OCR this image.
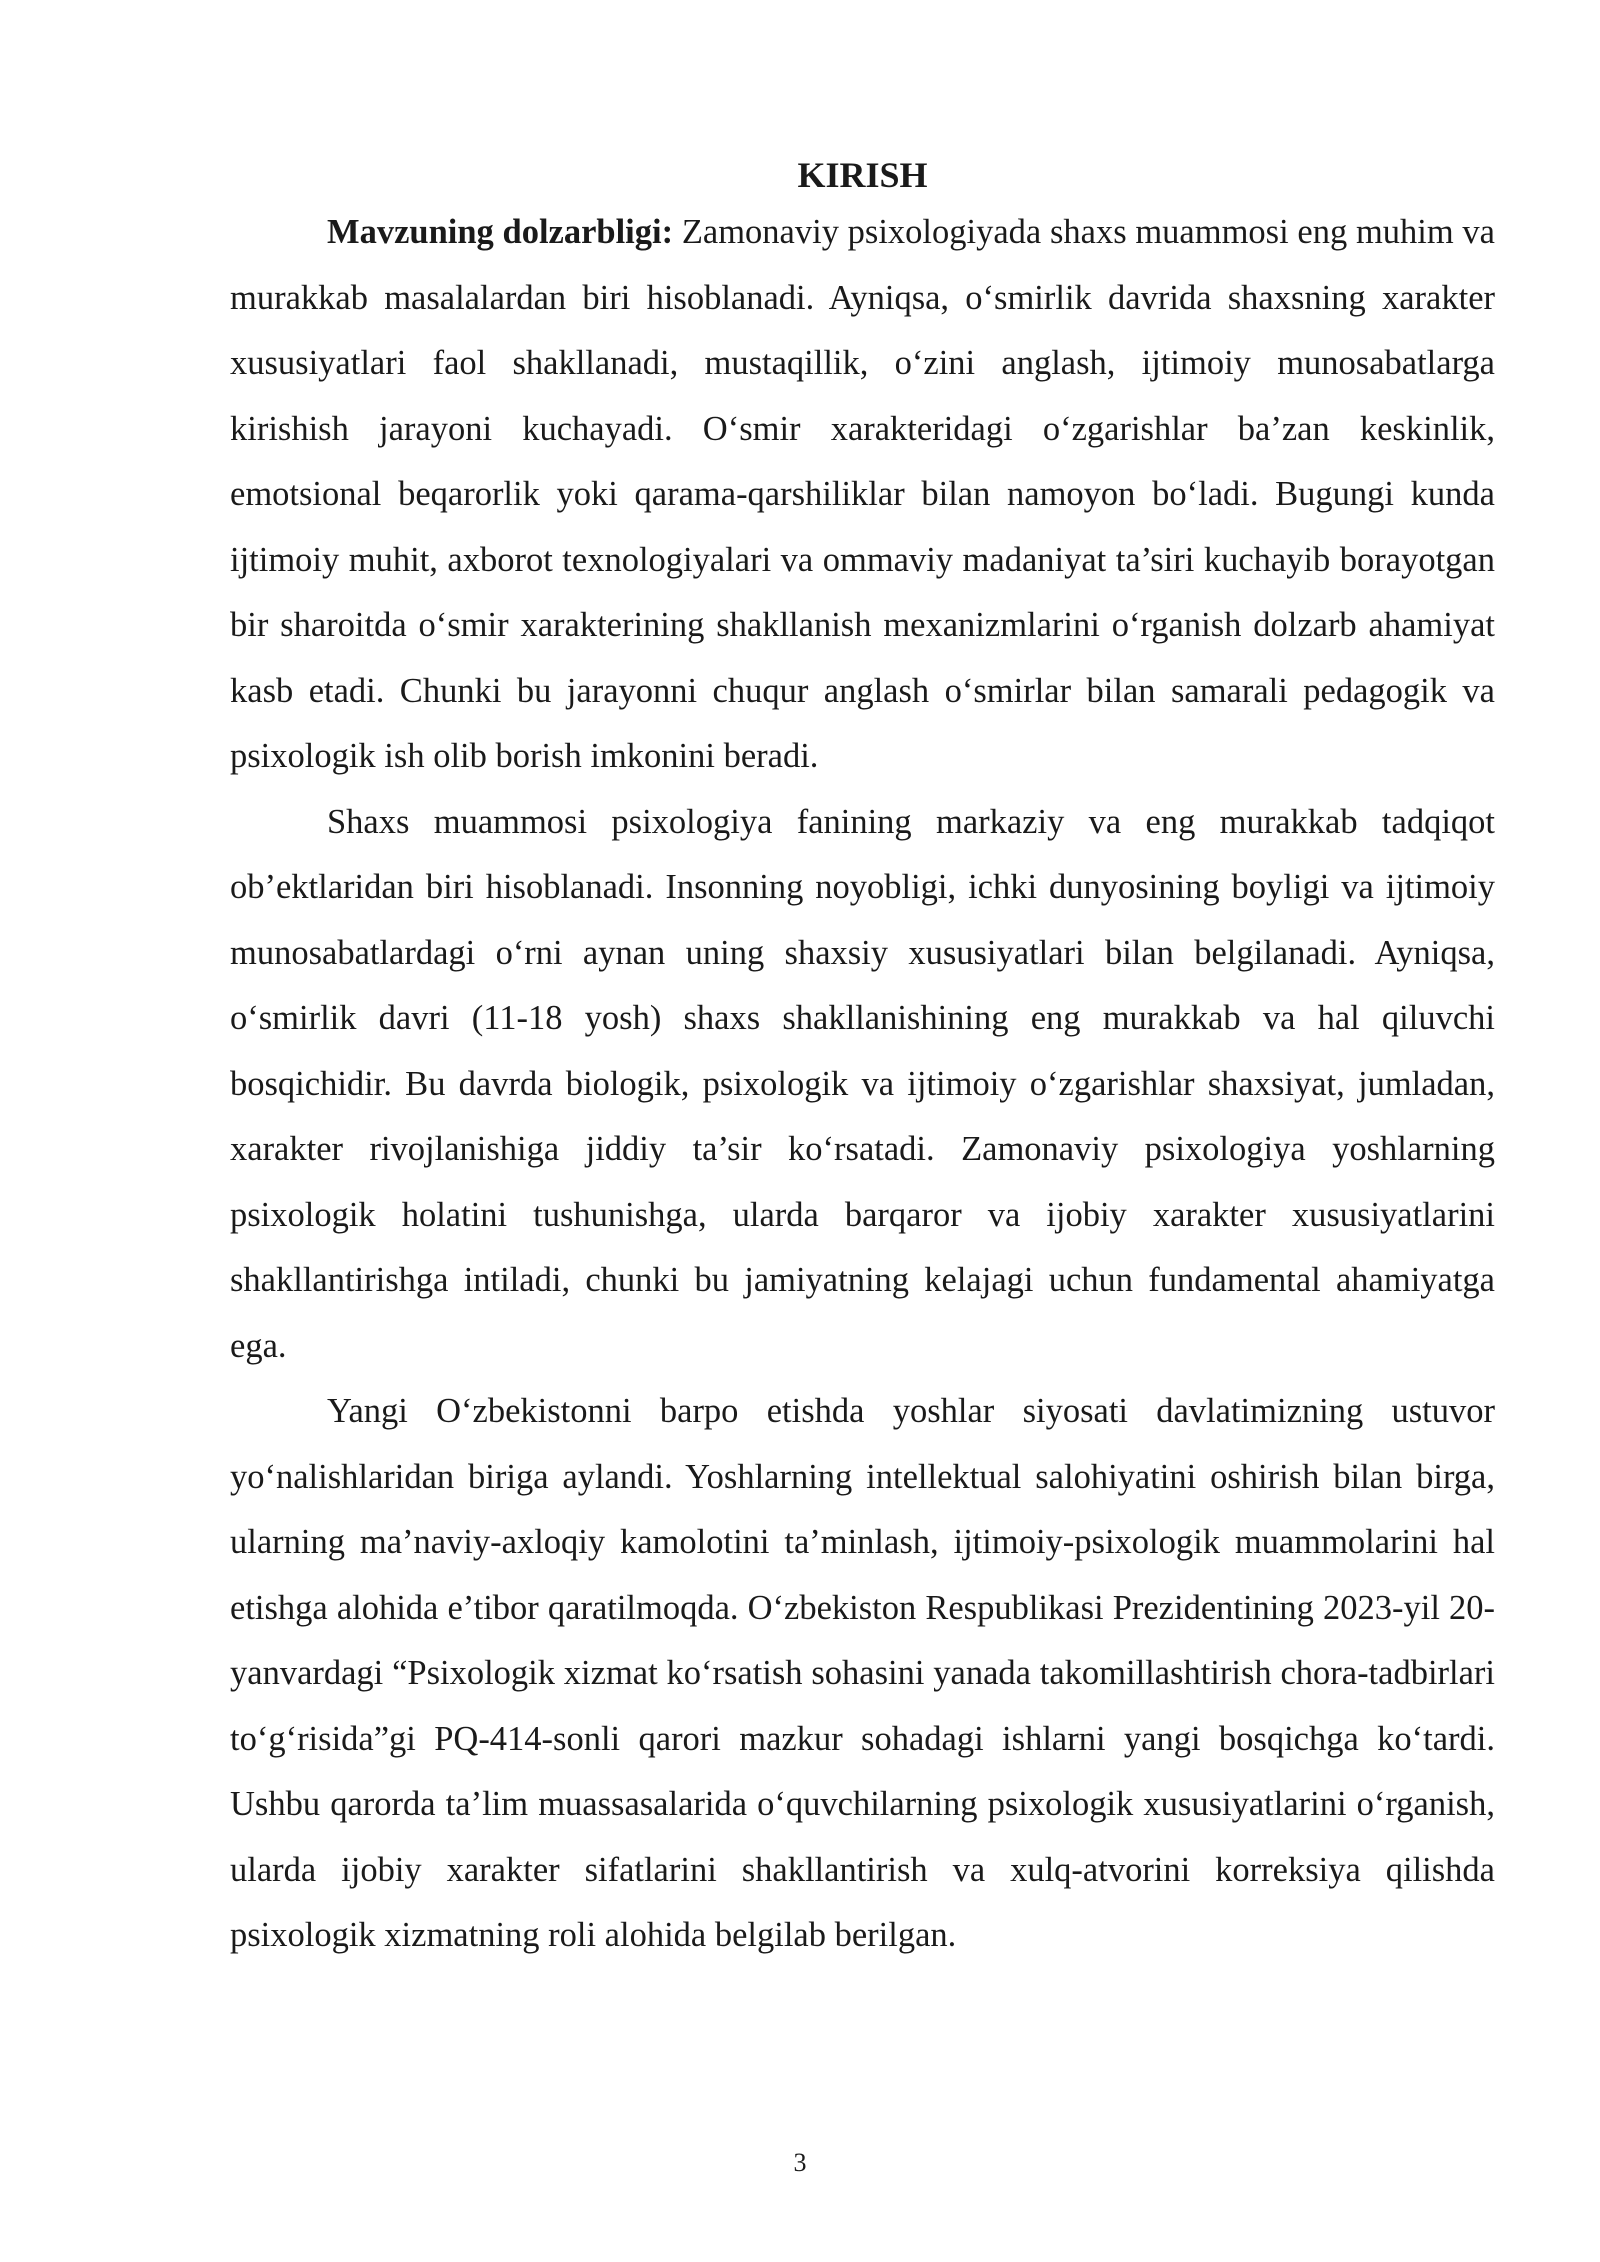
KIRISH

Mavzuning dolzarbligi: Zamonaviy psixologiyada shaxs muammosi eng muhim va murakkab masalalardan biri hisoblanadi. Ayniqsa, o‘smirlik davrida shaxsning xarakter xususiyatlari faol shakllanadi, mustaqillik, o‘zini anglash, ijtimoiy munosabatlarga kirishish jarayoni kuchayadi. O‘smir xarakteridagi o‘zgarishlar ba’zan keskinlik, emotsional beqarorlik yoki qarama-qarshiliklar bilan namoyon bo‘ladi. Bugungi kunda ijtimoiy muhit, axborot texnologiyalari va ommaviy madaniyat ta’siri kuchayib borayotgan bir sharoitda o‘smir xarakterining shakllanish mexanizmlarini o‘rganish dolzarb ahamiyat kasb etadi. Chunki bu jarayonni chuqur anglash o‘smirlar bilan samarali pedagogik va psixologik ish olib borish imkonini beradi.

Shaxs muammosi psixologiya fanining markaziy va eng murakkab tadqiqot ob’ektlaridan biri hisoblanadi. Insonning noyobligi, ichki dunyosining boyligi va ijtimoiy munosabatlardagi o‘rni aynan uning shaxsiy xususiyatlari bilan belgilanadi. Ayniqsa, o‘smirlik davri (11-18 yosh) shaxs shakllanishining eng murakkab va hal qiluvchi bosqichidir. Bu davrda biologik, psixologik va ijtimoiy o‘zgarishlar shaxsiyat, jumladan, xarakter rivojlanishiga jiddiy ta’sir ko‘rsatadi. Zamonaviy psixologiya yoshlarning psixologik holatini tushunishga, ularda barqaror va ijobiy xarakter xususiyatlarini shakllantirishga intiladi, chunki bu jamiyatning kelajagi uchun fundamental ahamiyatga ega.

Yangi O‘zbekistonni barpo etishda yoshlar siyosati davlatimizning ustuvor yo‘nalishlaridan biriga aylandi. Yoshlarning intellektual salohiyatini oshirish bilan birga, ularning ma’naviy-axloqiy kamolotini ta’minlash, ijtimoiy-psixologik muammolarini hal etishga alohida e’tibor qaratilmoqda. O‘zbekiston Respublikasi Prezidentining 2023-yil 20-yanvardagi “Psixologik xizmat ko‘rsatish sohasini yanada takomillashtirish chora-tadbirlari to‘g‘risida”gi PQ-414-sonli qarori mazkur sohadagi ishlarni yangi bosqichga ko‘tardi. Ushbu qarorda ta’lim muassasalarida o‘quvchilarning psixologik xususiyatlarini o‘rganish, ularda ijobiy xarakter sifatlarini shakllantirish va xulq-atvorini korreksiya qilishda psixologik xizmatning roli alohida belgilab berilgan.

3
